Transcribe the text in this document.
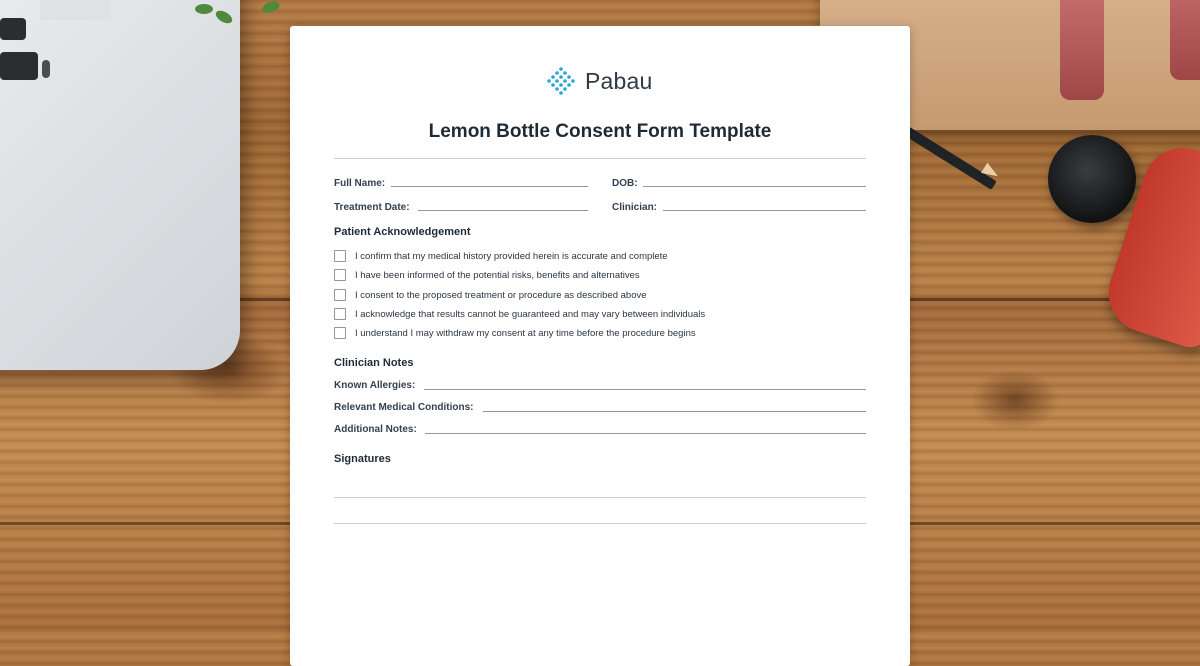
Pabau
Lemon Bottle Consent Form Template
Full Name:	DOB:
Treatment Date:	Clinician:
Patient Acknowledgement
I confirm that my medical history provided herein is accurate and complete
I have been informed of the potential risks, benefits and alternatives
I consent to the proposed treatment or procedure as described above
I acknowledge that results cannot be guaranteed and may vary between individuals
I understand I may withdraw my consent at any time before the procedure begins
Clinician Notes
Known Allergies:
Relevant Medical Conditions:
Additional Notes:
Signatures
